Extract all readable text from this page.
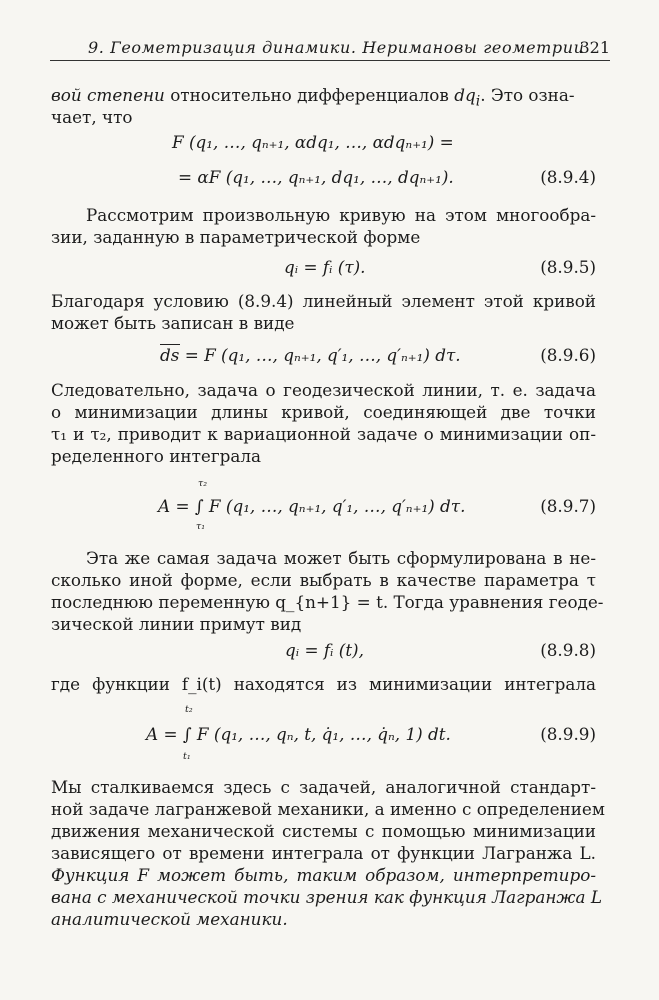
9. Геометризация динамики. Неримановы геометрии
321
вой степени относительно дифференциалов $dq_i$. Это озна-
чает, что
F (q₁, …, qₙ₊₁, αdq₁, …, αdqₙ₊₁) =
= αF (q₁, …, qₙ₊₁, dq₁, …, dqₙ₊₁).	(8.9.4)
Рассмотрим произвольную кривую на этом многообра-
зии, заданную в параметрической форме
qᵢ = fᵢ (τ).	(8.9.5)
Благодаря условию (8.9.4) линейный элемент этой кривой
может быть записан в виде
ds = F (q₁, …, qₙ₊₁, q′₁, …, q′ₙ₊₁) dτ.	(8.9.6)
Следовательно, задача о геодезической линии, т. е. задача
о минимизации длины кривой, соединяющей две точки
τ₁ и τ₂, приводит к вариационной задаче о минимизации оп-
ределенного интеграла
τ₂
τ₁
A = ∫ F (q₁, …, qₙ₊₁, q′₁, …, q′ₙ₊₁) dτ.	(8.9.7)
Эта же самая задача может быть сформулирована в не-
сколько иной форме, если выбрать в качестве параметра τ
последнюю переменную q_{n+1} = t. Тогда уравнения геоде-
зической линии примут вид
qᵢ = fᵢ (t),	(8.9.8)
где функции f_i(t) находятся из минимизации интеграла
t₂
t₁
A = ∫ F (q₁, …, qₙ, t, q̇₁, …, q̇ₙ, 1) dt.	(8.9.9)
Мы сталкиваемся здесь с задачей, аналогичной стандарт-
ной задаче лагранжевой механики, а именно с определением
движения механической системы с помощью минимизации
зависящего от времени интеграла от функции Лагранжа L.
Функция F может быть, таким образом, интерпретиро-
вана с механической точки зрения как функция Лагранжа L
аналитической механики.
